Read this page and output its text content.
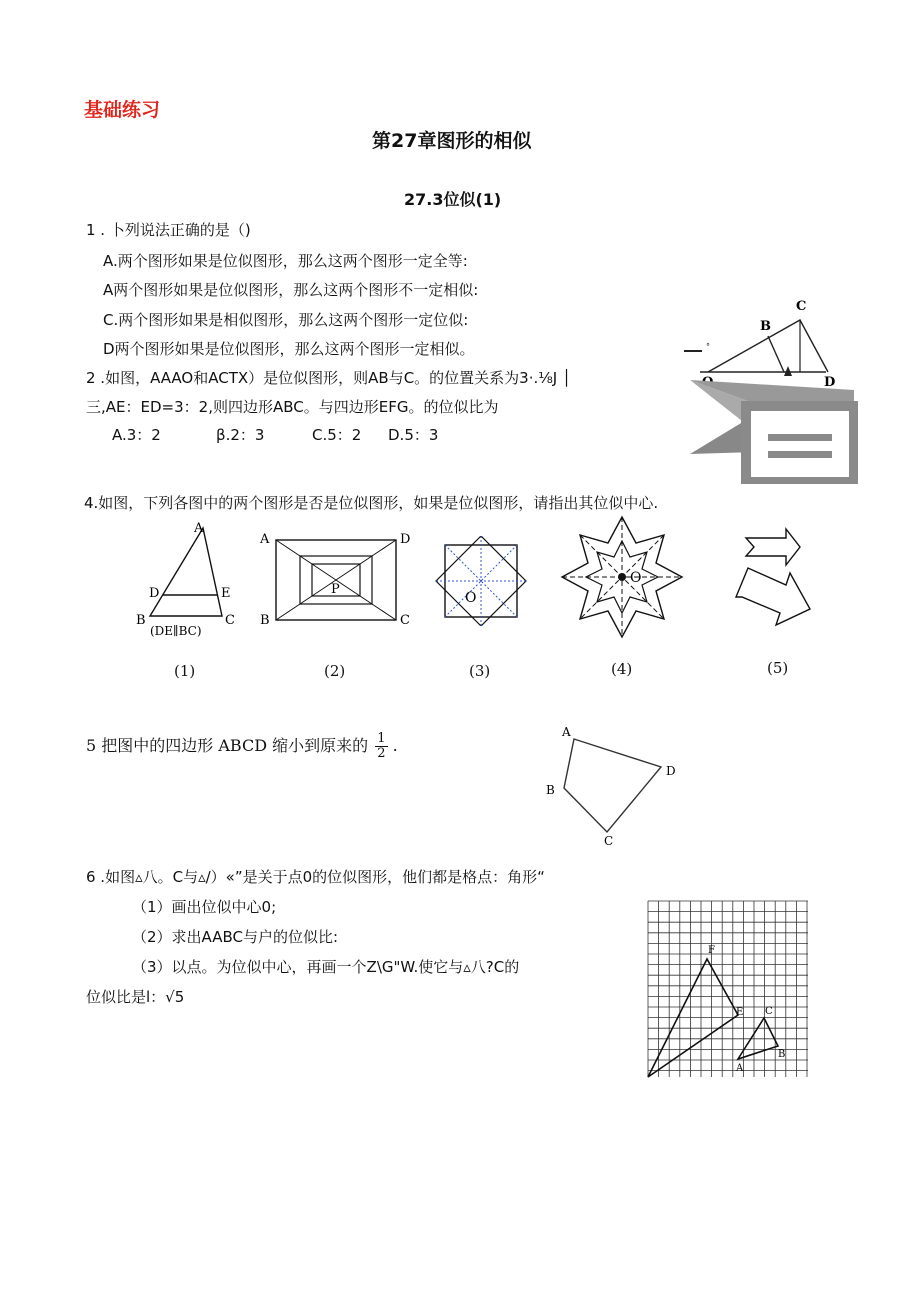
基础练习
第27章图形的相似
27.3位似(1)
1 . 卜列说法正确的是（)
A.两个图形如果是位似图形，那么这两个图形一定全等:
A两个图形如果是位似图形，那么这两个图形不一定相似:
C.两个图形如果是相似图形，那么这两个图形一定位似:
D两个图形如果是位似图形，那么这两个图形一定相似。
2 .如图，AAAO和ACTX）是位似图形，则AB与C。的位置关系为3·.⅛J │
三,AE：ED=3：2,则四边形ABC。与四边形EFG。的位似比为
A.3：2	β.2：3	C.5：2 D.5：3
°
C
B
D
4.如图，下列各图中的两个图形是否是位似图形，如果是位似图形，请指出其位似中心.
A
D	E
B	C
(DE∥BC)
A	D
B	C
P
O
O
(1)	(2)	(3)	(4)	(5)
5 把图中的四边形 ABCD 缩小到原来的 $\frac{1}{2}$ .
A
D
B
C
6 .如图▵八。C与▵/）«”是关于点0的位似图形，他们都是格点：角形“
（1）画出位似中心0;
（2）求出AABC与户的位似比:
（3）以点。为位似中心，再画一个Z\G"W.使它与▵八?C的
位似比是l：√5
F
E C
A
B
